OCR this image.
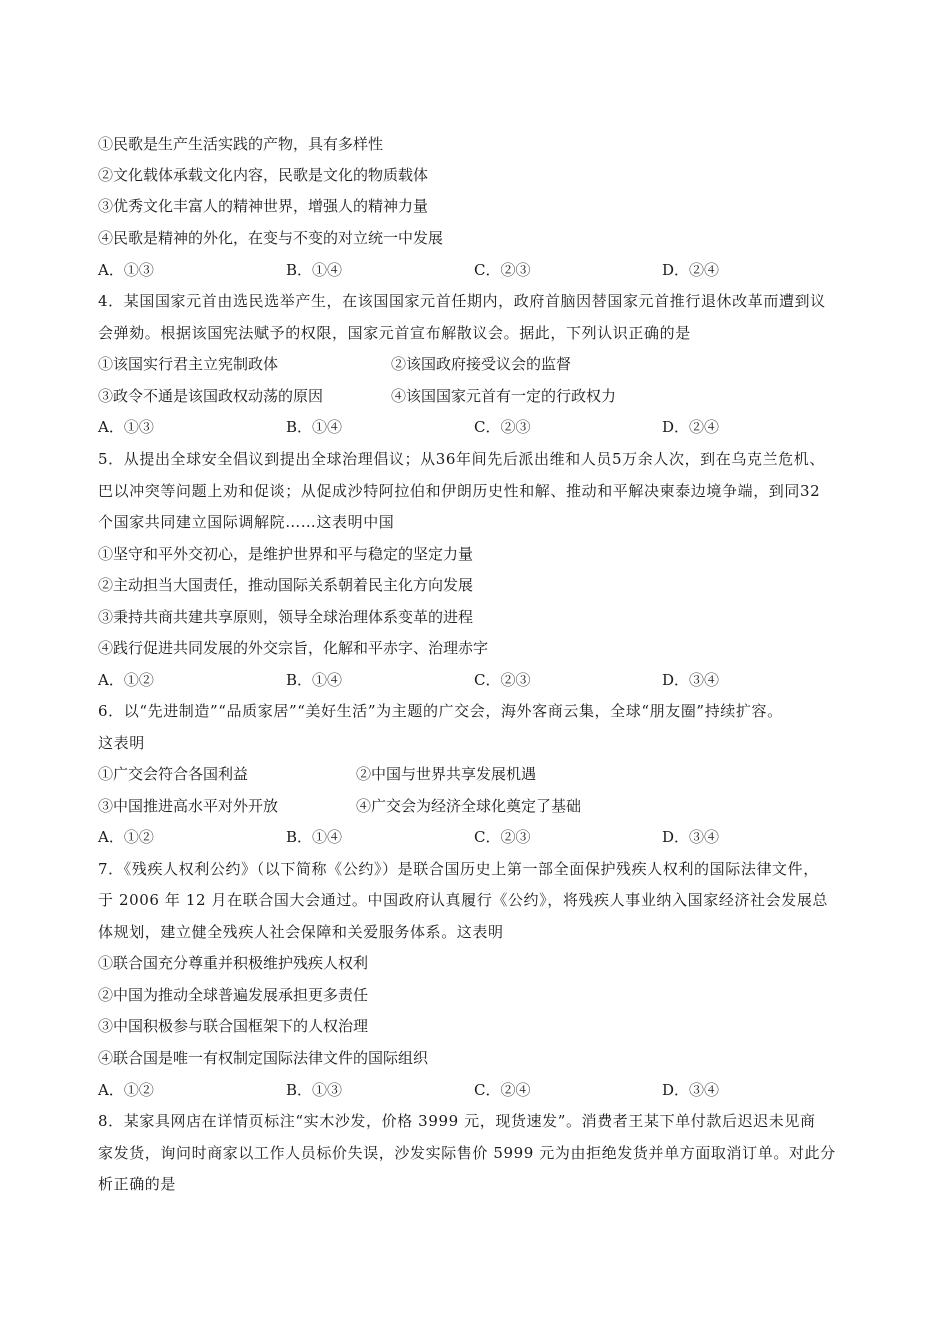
①民歌是生产生活实践的产物，具有多样性
②文化载体承载文化内容，民歌是文化的物质载体
③优秀文化丰富人的精神世界，增强人的精神力量
④民歌是精神的外化，在变与不变的对立统一中发展
A．①③	B．①④	C．②③	D．②④
4．某国国家元首由选民选举产生，在该国国家元首任期内，政府首脑因替国家元首推行退休改革而遭到议
会弹劾。根据该国宪法赋予的权限，国家元首宣布解散议会。据此，下列认识正确的是
①该国实行君主立宪制政体	②该国政府接受议会的监督
③政令不通是该国政权动荡的原因	④该国国家元首有一定的行政权力
A．①③	B．①④	C．②③	D．②④
5．从提出全球安全倡议到提出全球治理倡议；从36年间先后派出维和人员5万余人次，到在乌克兰危机、
巴以冲突等问题上劝和促谈；从促成沙特阿拉伯和伊朗历史性和解、推动和平解决柬泰边境争端，到同32
个国家共同建立国际调解院……这表明中国
①坚守和平外交初心，是维护世界和平与稳定的坚定力量
②主动担当大国责任，推动国际关系朝着民主化方向发展
③秉持共商共建共享原则，领导全球治理体系变革的进程
④践行促进共同发展的外交宗旨，化解和平赤字、治理赤字
A．①②	B．①④	C．②③	D．③④
6．以“先进制造”“品质家居”“美好生活”为主题的广交会，海外客商云集，全球“朋友圈”持续扩容。
这表明
①广交会符合各国利益	②中国与世界共享发展机遇
③中国推进高水平对外开放	④广交会为经济全球化奠定了基础
A．①②	B．①④	C．②③	D．③④
7．《残疾人权利公约》（以下简称《公约》）是联合国历史上第一部全面保护残疾人权利的国际法律文件，
于 2006 年 12 月在联合国大会通过。中国政府认真履行《公约》，将残疾人事业纳入国家经济社会发展总
体规划，建立健全残疾人社会保障和关爱服务体系。这表明
①联合国充分尊重并积极维护残疾人权利
②中国为推动全球普遍发展承担更多责任
③中国积极参与联合国框架下的人权治理
④联合国是唯一有权制定国际法律文件的国际组织
A．①②	B．①③	C．②④	D．③④
8．某家具网店在详情页标注“实木沙发，价格 3999 元，现货速发”。消费者王某下单付款后迟迟未见商
家发货，询问时商家以工作人员标价失误，沙发实际售价 5999 元为由拒绝发货并单方面取消订单。对此分
析正确的是
